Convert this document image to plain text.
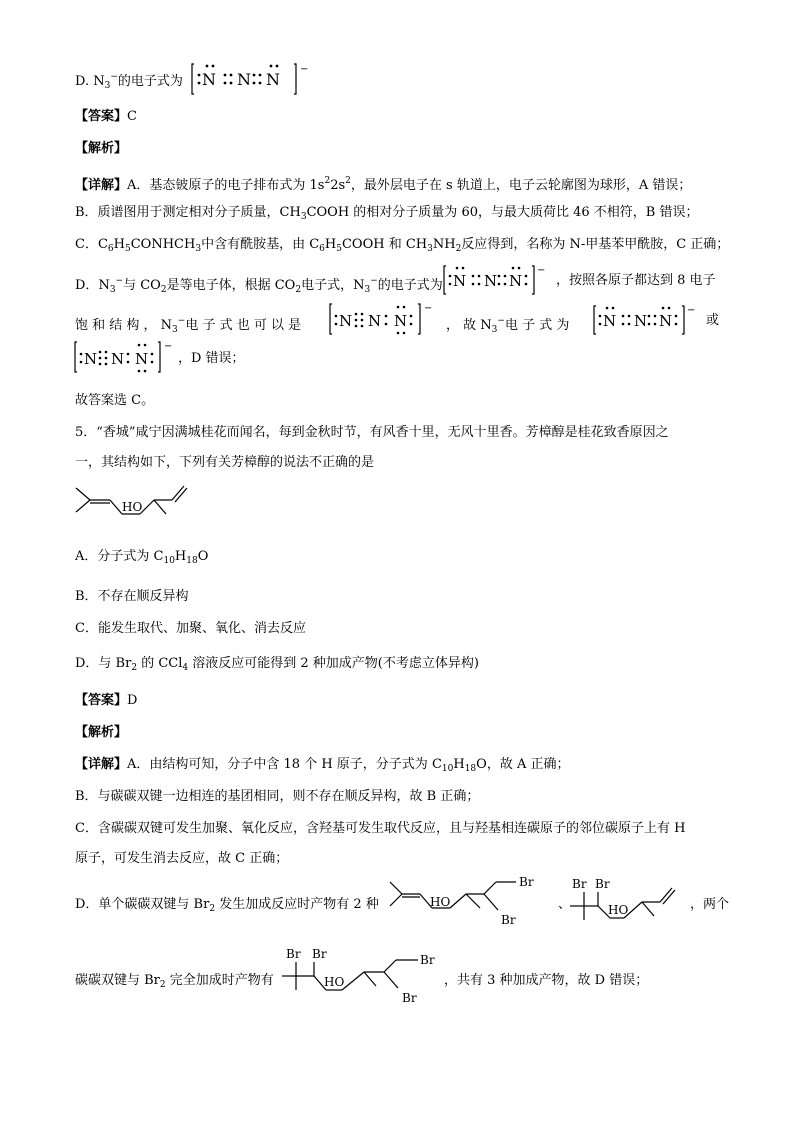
D. $N_3^-$的电子式为 N N N
−
【答案】C
【解析】
【详解】A．基态铍原子的电子排布式为 $1s^22s^2$，最外层电子在 s 轨道上，电子云轮廓图为球形，A 错误；
B．质谱图用于测定相对分子质量，$CH_3COOH$ 的相对分子质量为 60，与最大质荷比 46 不相符，B 错误；
C．$C_6H_5CONHCH_3$中含有酰胺基，由 $C_6H_5COOH$ 和 $CH_3NH_2$反应得到，名称为 N-甲基苯甲酰胺，C 正确；
D．$N_3^-$与 $CO_2$是等电子体，根据 $CO_2$电子式，$N_3^-$的电子式为 N N N
−
，按照各原子都达到 8 电子
饱 和 结 构 ， $N_3^-$电 子 式 也 可 以 是	N N N
−
， 故 $N_3^-$电 子 式 为 N N N
−
或
N N N
−
，D 错误；
故答案选 C。
5．“香城”咸宁因满城桂花而闻名，每到金秋时节，有风香十里，无风十里香。芳樟醇是桂花致香原因之
一，其结构如下，下列有关芳樟醇的说法不正确的是
HO
A．分子式为 $C_{10}H_{18}O$
B．不存在顺反异构
C．能发生取代、加聚、氧化、消去反应
D．与 $Br_2$ 的 CCl$_4$ 溶液反应可能得到 2 种加成产物(不考虑立体异构)
【答案】D
【解析】
【详解】A．由结构可知，分子中含 18 个 H 原子，分子式为 $C_{10}H_{18}O$，故 A 正确；
B．与碳碳双键一边相连的基团相同，则不存在顺反异构，故 B 正确；
C．含碳碳双键可发生加聚、氧化反应，含羟基可发生取代反应，且与羟基相连碳原子的邻位碳原子上有 H
原子，可发生消去反应，故 C 正确；
D．单个碳碳双键与 $Br_2$ 发生加成反应时产物有 2 种	HO
Br
Br
、
Br Br
HO	，两个
碳碳双键与 $Br_2$ 完全加成时产物有
Br Br
HO
Br
Br
，共有 3 种加成产物，故 D 错误；
